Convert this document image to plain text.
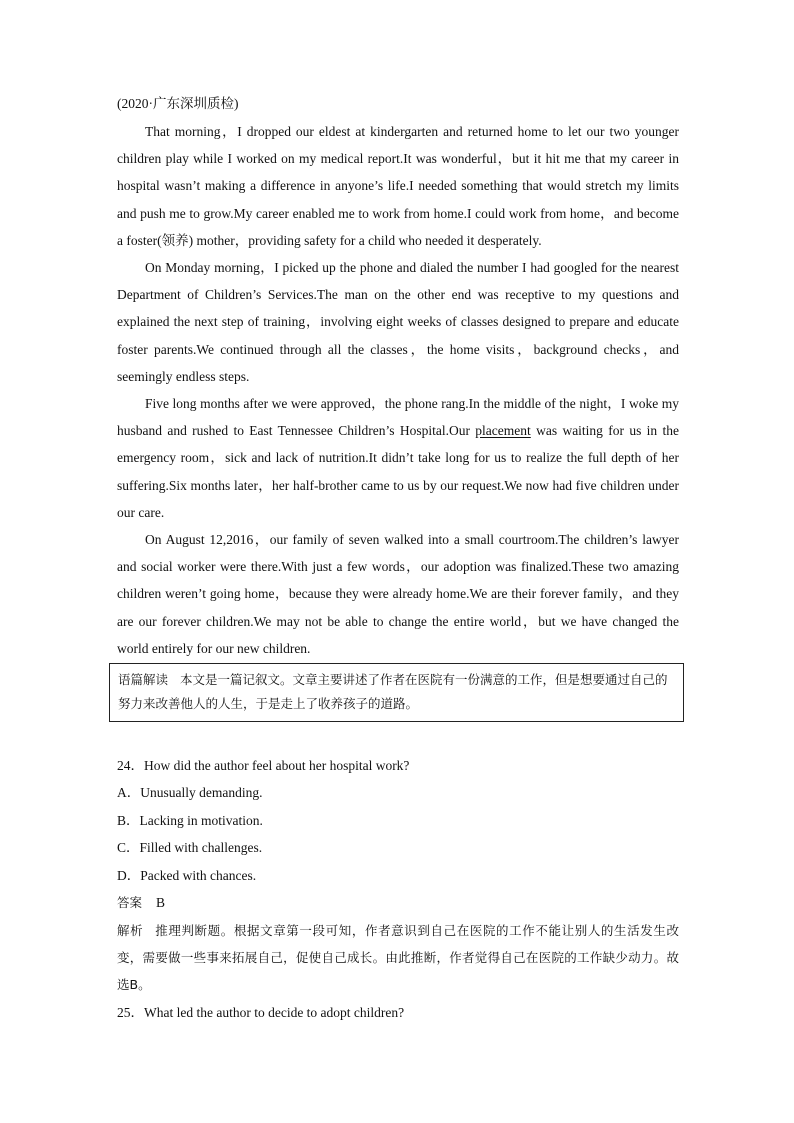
(2020·广东深圳质检)

That morning，I dropped our eldest at kindergarten and returned home to let our two younger children play while I worked on my medical report.It was wonderful，but it hit me that my career in hospital wasn’t making a difference in anyone’s life.I needed something that would stretch my limits and push me to grow.My career enabled me to work from home.I could work from home，and become a foster(领养) mother，providing safety for a child who needed it desperately.

On Monday morning，I picked up the phone and dialed the number I had googled for the nearest Department of Children’s Services.The man on the other end was receptive to my questions and explained the next step of training，involving eight weeks of classes designed to prepare and educate foster parents.We continued through all the classes，the home visits，background checks，and seemingly endless steps.

Five long months after we were approved，the phone rang.In the middle of the night，I woke my husband and rushed to East Tennessee Children’s Hospital.Our placement was waiting for us in the emergency room，sick and lack of nutrition.It didn’t take long for us to realize the full depth of her suffering.Six months later，her half-brother came to us by our request.We now had five children under our care.

On August 12,2016，our family of seven walked into a small courtroom.The children’s lawyer and social worker were there.With just a few words，our adoption was finalized.These two amazing children weren’t going home，because they were already home.We are their forever family，and they are our forever children.We may not be able to change the entire world，but we have changed the world entirely for our new children.

语篇解读 本文是一篇记叙文。文章主要讲述了作者在医院有一份满意的工作，但是想要通过自己的努力来改善他人的人生，于是走上了收养孩子的道路。

24．How did the author feel about her hospital work?

A．Unusually demanding.

B．Lacking in motivation.

C．Filled with challenges.

D．Packed with chances.

答案 B

解析 推理判断题。根据文章第一段可知，作者意识到自己在医院的工作不能让别人的生活发生改变，需要做一些事来拓展自己，促使自己成长。由此推断，作者觉得自己在医院的工作缺少动力。故选B。

25．What led the author to decide to adopt children?
